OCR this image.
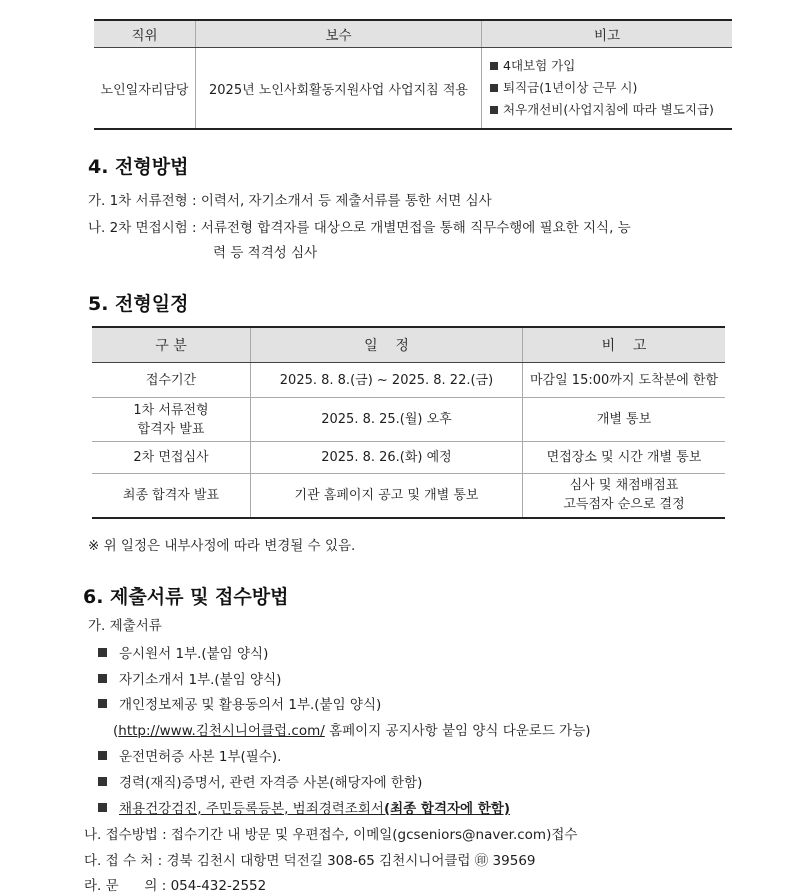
직위	보수	비고
노인일자리담당	2025년 노인사회활동지원사업 사업지침 적용	4대보험 가입
퇴직금(1년이상 근무 시)
처우개선비(사업지침에 따라 별도지급)
4. 전형방법
가. 1차 서류전형 : 이력서, 자기소개서 등 제출서류를 통한 서면 심사
나. 2차 면접시험 : 서류전형 합격자를 대상으로 개별면접을 통해 직무수행에 필요한 지식, 능
력 등 적격성 심사
5. 전형일정
구 분	일    정	비    고
접수기간	2025. 8. 8.(금) ~ 2025. 8. 22.(금)	마감일 15:00까지 도착분에 한함

1차 서류전형
합격자 발표	2025. 8. 25.(월) 오후	개별 통보
2차 면접심사	2025. 8. 26.(화) 예정	면접장소 및 시간 개별 통보
최종 합격자 발표	기관 홈페이지 공고 및 개별 통보	심사 및 채점배점표
고득점자 순으로 결정
※ 위 일정은 내부사정에 따라 변경될 수 있음.
6. 제출서류 및 접수방법
가. 제출서류
응시원서 1부.(붙임 양식)
자기소개서 1부.(붙임 양식)
개인정보제공 및 활용동의서 1부.(붙임 양식)
(http://www.김천시니어클럽.com/ 홈페이지 공지사항 붙임 양식 다운로드 가능)
운전면허증 사본 1부(필수).
경력(재직)증명서, 관련 자격증 사본(해당자에 한함)
채용건강검진, 주민등록등본, 범죄경력조회서(최종 합격자에 한함)
나. 접수방법 : 접수기간 내 방문 및 우편접수, 이메일(gcseniors@naver.com)접수
다. 접 수 처 : 경북 김천시 대항면 덕전길 308-65 김천시니어클럽 ㊞ 39569
라. 문      의 : 054-432-2552
